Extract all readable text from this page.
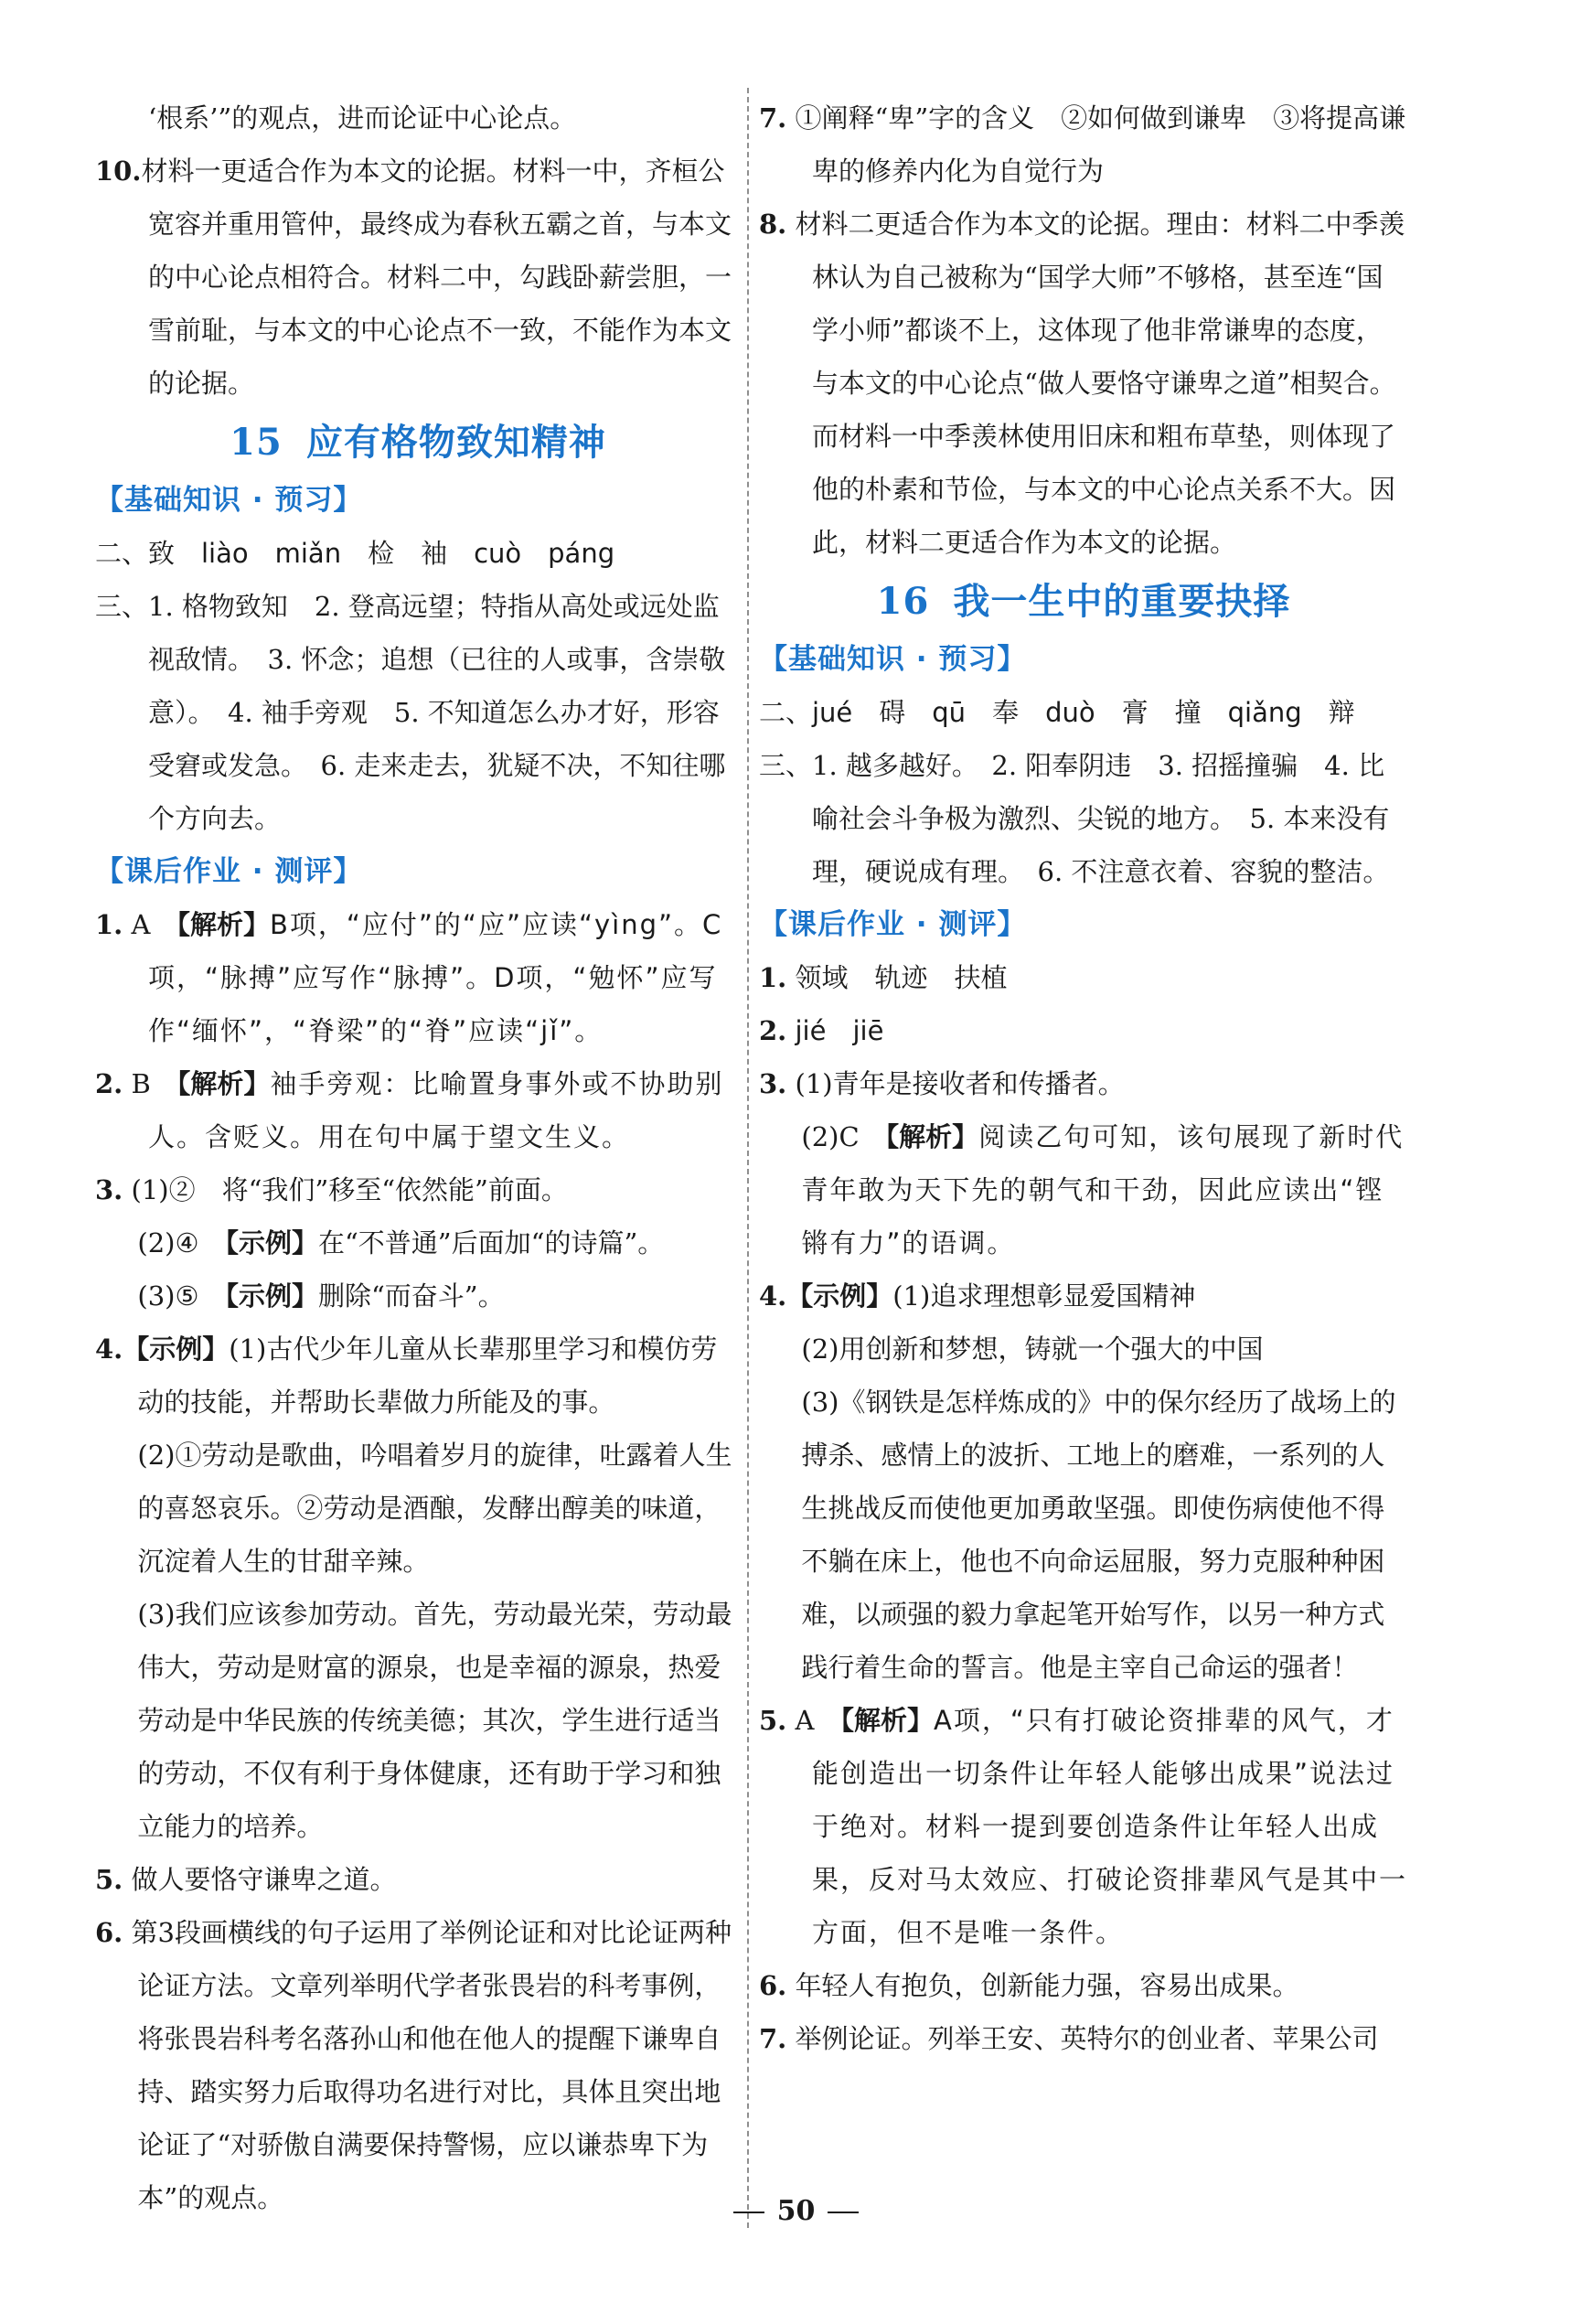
‘根系’”的观点，进而论证中心论点。

10.材料一更适合作为本文的论据。材料一中，齐桓公宽容并重用管仲，最终成为春秋五霸之首，与本文的中心论点相符合。材料二中，勾践卧薪尝胆，一雪前耻，与本文的中心论点不一致，不能作为本文的论据。

15 应有格物致知精神

【基础知识 · 预习】

二、致　liào　miǎn　检　袖　cuò　páng

三、1. 格物致知　2. 登高远望；特指从高处或远处监视敌情。　3. 怀念；追想（已往的人或事，含崇敬意）。　4. 袖手旁观　5. 不知道怎么办才好，形容受窘或发急。　6. 走来走去，犹疑不决，不知往哪个方向去。

【课后作业 · 测评】

1. A　 【解析】B项，“应付”的“应”应读“yìng”。C项，“脉搏”应写作“脉搏”。D项，“勉怀”应写作“缅怀”，“脊梁”的“脊”应读“jǐ”。

2. B　 【解析】袖手旁观：比喻置身事外或不协助别人。含贬义。用在句中属于望文生义。

3. (1)②　将“我们”移至“依然能”前面。

(2)④　【示例】在“不普通”后面加“的诗篇”。

(3)⑤　【示例】删除“而奋斗”。

4.【示例】(1)古代少年儿童从长辈那里学习和模仿劳动的技能，并帮助长辈做力所能及的事。

(2)①劳动是歌曲，吟唱着岁月的旋律，吐露着人生的喜怒哀乐。②劳动是酒酿，发酵出醇美的味道，沉淀着人生的甘甜辛辣。

(3)我们应该参加劳动。首先，劳动最光荣，劳动最伟大，劳动是财富的源泉，也是幸福的源泉，热爱劳动是中华民族的传统美德；其次，学生进行适当的劳动，不仅有利于身体健康，还有助于学习和独立能力的培养。

5. 做人要恪守谦卑之道。

6. 第3段画横线的句子运用了举例论证和对比论证两种论证方法。文章列举明代学者张畏岩的科考事例，将张畏岩科考名落孙山和他在他人的提醒下谦卑自持、踏实努力后取得功名进行对比，具体且突出地论证了“对骄傲自满要保持警惕，应以谦恭卑下为本”的观点。

7. ①阐释“卑”字的含义　②如何做到谦卑　③将提高谦卑的修养内化为自觉行为

8. 材料二更适合作为本文的论据。理由：材料二中季羡林认为自己被称为“国学大师”不够格，甚至连“国学小师”都谈不上，这体现了他非常谦卑的态度，与本文的中心论点“做人要恪守谦卑之道”相契合。而材料一中季羡林使用旧床和粗布草垫，则体现了他的朴素和节俭，与本文的中心论点关系不大。因此，材料二更适合作为本文的论据。

16 我一生中的重要抉择

【基础知识 · 预习】

二、jué　碍　qū　奉　duò　膏　撞　qiǎng　辩

三、1. 越多越好。　2. 阳奉阴违　3. 招摇撞骗　4. 比喻社会斗争极为激烈、尖锐的地方。　5. 本来没有理，硬说成有理。　6. 不注意衣着、容貌的整洁。

【课后作业 · 测评】

1. 领域　轨迹　扶植

2. jié　jiē

3. (1)青年是接收者和传播者。

(2)C　【解析】阅读乙句可知，该句展现了新时代青年敢为天下先的朝气和干劲，因此应读出“铿锵有力”的语调。

4.【示例】(1)追求理想彰显爱国精神

(2)用创新和梦想，铸就一个强大的中国

(3)《钢铁是怎样炼成的》中的保尔经历了战场上的搏杀、感情上的波折、工地上的磨难，一系列的人生挑战反而使他更加勇敢坚强。即使伤病使他不得不躺在床上，他也不向命运屈服，努力克服种种困难，以顽强的毅力拿起笔开始写作，以另一种方式践行着生命的誓言。他是主宰自己命运的强者！

5. A　 【解析】A项，“只有打破论资排辈的风气，才能创造出一切条件让年轻人能够出成果”说法过于绝对。材料一提到要创造条件让年轻人出成果，反对马太效应、打破论资排辈风气是其中一方面，但不是唯一条件。

6. 年轻人有抱负，创新能力强，容易出成果。

7. 举例论证。列举王安、英特尔的创业者、苹果公司

50
